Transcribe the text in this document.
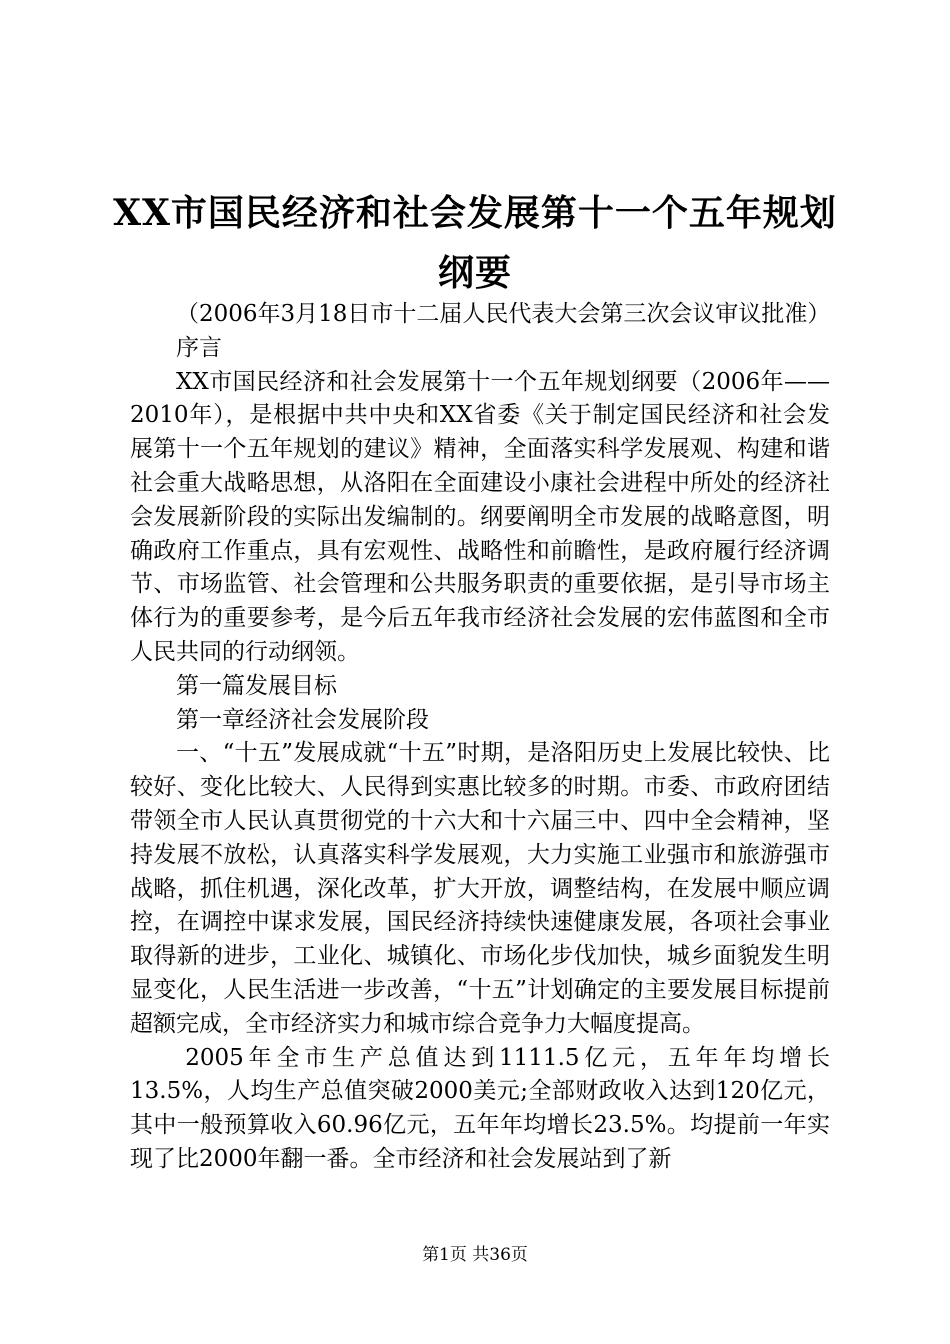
XX市国民经济和社会发展第十一个五年规划
纲要

（2006年3月18日市十二届人民代表大会第三次会议审议批准）

序言

XX市国民经济和社会发展第十一个五年规划纲要（2006年——2010年），是根据中共中央和XX省委《关于制定国民经济和社会发展第十一个五年规划的建议》精神，全面落实科学发展观、构建和谐社会重大战略思想，从洛阳在全面建设小康社会进程中所处的经济社会发展新阶段的实际出发编制的。纲要阐明全市发展的战略意图，明确政府工作重点，具有宏观性、战略性和前瞻性，是政府履行经济调节、市场监管、社会管理和公共服务职责的重要依据，是引导市场主体行为的重要参考，是今后五年我市经济社会发展的宏伟蓝图和全市人民共同的行动纲领。

第一篇发展目标

第一章经济社会发展阶段

一、“十五”发展成就“十五”时期，是洛阳历史上发展比较快、比较好、变化比较大、人民得到实惠比较多的时期。市委、市政府团结带领全市人民认真贯彻党的十六大和十六届三中、四中全会精神，坚持发展不放松，认真落实科学发展观，大力实施工业强市和旅游强市战略，抓住机遇，深化改革，扩大开放，调整结构，在发展中顺应调控，在调控中谋求发展，国民经济持续快速健康发展，各项社会事业取得新的进步，工业化、城镇化、市场化步伐加快，城乡面貌发生明显变化，人民生活进一步改善，“十五”计划确定的主要发展目标提前超额完成，全市经济实力和城市综合竞争力大幅度提高。

2005年全市生产总值达到1111.5亿元，五年年均增长13.5%，人均生产总值突破2000美元;全部财政收入达到120亿元，其中一般预算收入60.96亿元，五年年均增长23.5%。均提前一年实现了比2000年翻一番。全市经济和社会发展站到了新

第1页 共36页
